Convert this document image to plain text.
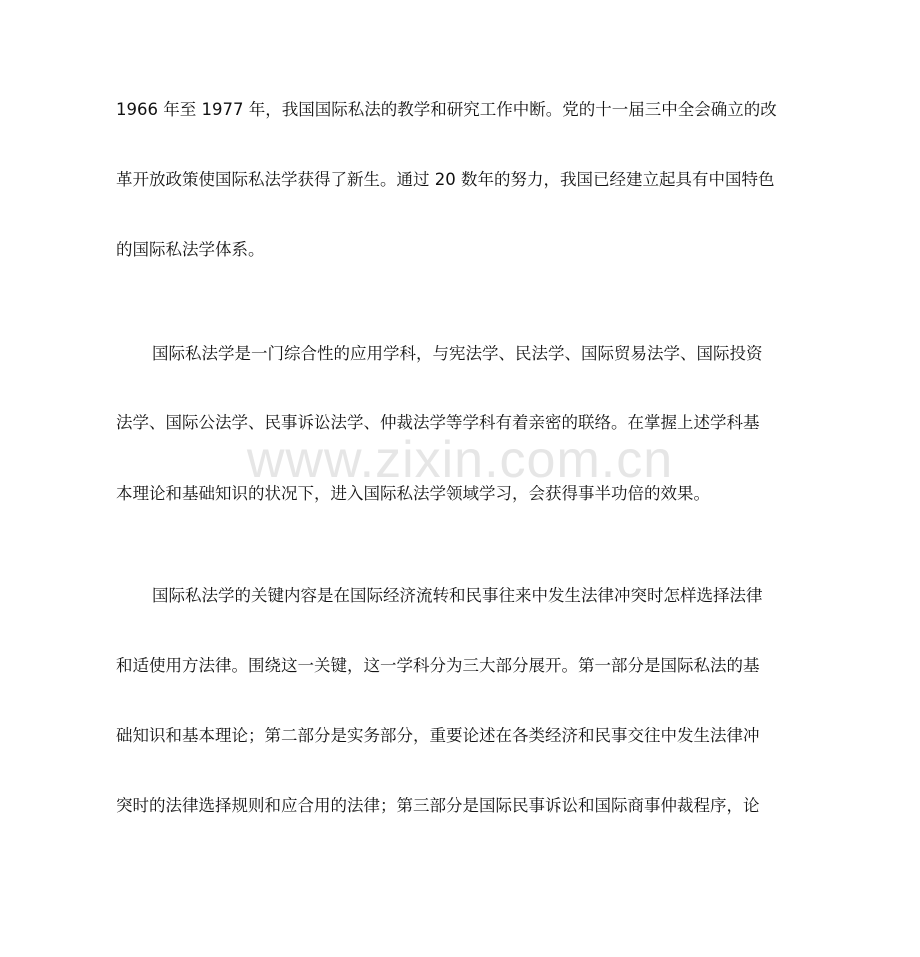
www.zixin.com.cn
1966 年至 1977 年，我国国际私法的教学和研究工作中断。党的十一届三中全会确立的改
革开放政策使国际私法学获得了新生。通过 20 数年的努力，我国已经建立起具有中国特色
的国际私法学体系。
国际私法学是一门综合性的应用学科，与宪法学、民法学、国际贸易法学、国际投资
法学、国际公法学、民事诉讼法学、仲裁法学等学科有着亲密的联络。在掌握上述学科基
本理论和基础知识的状况下，进入国际私法学领域学习，会获得事半功倍的效果。
国际私法学的关键内容是在国际经济流转和民事往来中发生法律冲突时怎样选择法律
和适使用方法律。围绕这一关键，这一学科分为三大部分展开。第一部分是国际私法的基
础知识和基本理论；第二部分是实务部分，重要论述在各类经济和民事交往中发生法律冲
突时的法律选择规则和应合用的法律；第三部分是国际民事诉讼和国际商事仲裁程序，论
